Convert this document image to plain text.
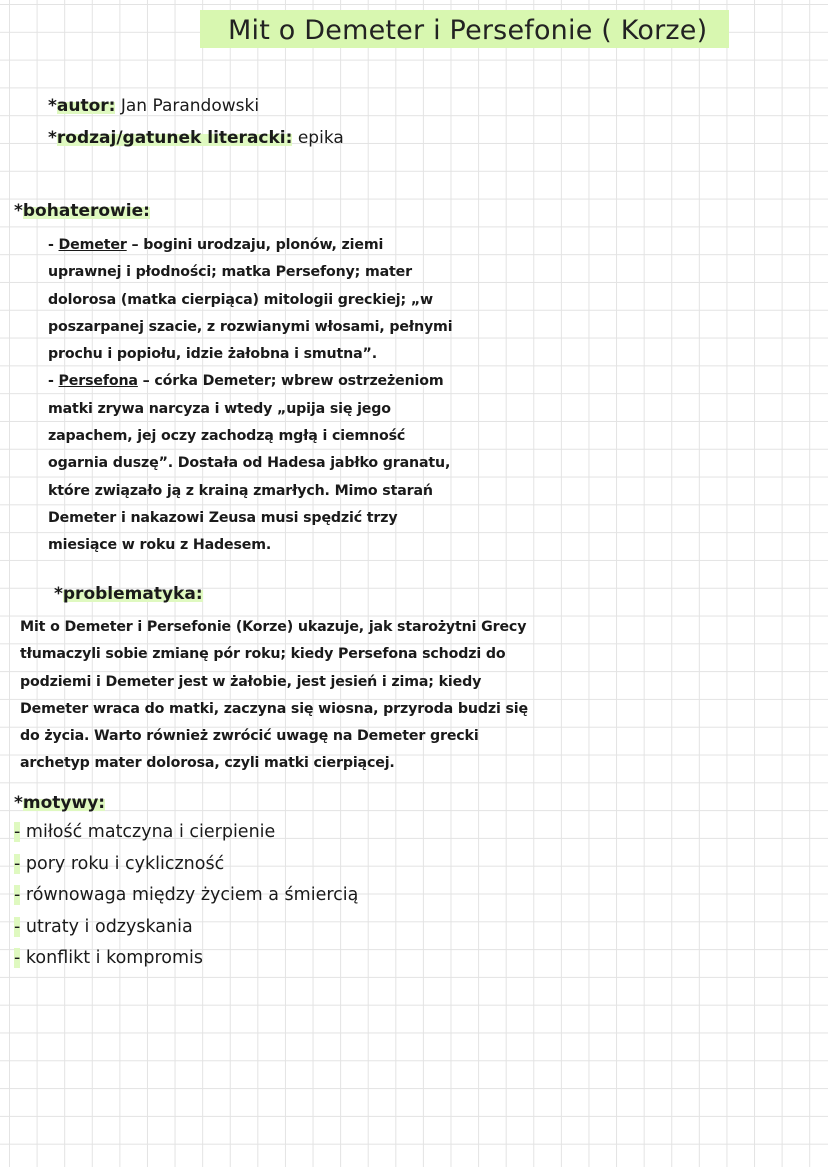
Mit o Demeter i Persefonie ( Korze)
*autor: Jan Parandowski
*rodzaj/gatunek literacki: epika
*bohaterowie:
- Demeter – bogini urodzaju, plonów, ziemi uprawnej i płodności; matka Persefony; mater dolorosa (matka cierpiąca) mitologii greckiej; „w poszarpanej szacie, z rozwianymi włosami, pełnymi prochu i popiołu, idzie żałobna i smutna”.
- Persefona – córka Demeter; wbrew ostrzeżeniom matki zrywa narcyza i wtedy „upija się jego zapachem, jej oczy zachodzą mgłą i ciemność ogarnia duszę”. Dostała od Hadesa jabłko granatu, które związało ją z krainą zmarłych. Mimo starań Demeter i nakazowi Zeusa musi spędzić trzy miesiące w roku z Hadesem.
*problematyka:

Mit o Demeter i Persefonie (Korze) ukazuje, jak starożytni Grecy tłumaczyli sobie zmianę pór roku; kiedy Persefona schodzi do podziemi i Demeter jest w żałobie, jest jesień i zima; kiedy Demeter wraca do matki, zaczyna się wiosna, przyroda budzi się do życia. Warto również zwrócić uwagę na Demeter grecki archetyp mater dolorosa, czyli matki cierpiącej.

*motywy:
- miłość matczyna i cierpienie
- pory roku i cykliczność
- równowaga między życiem a śmiercią
- utraty i odzyskania
- konflikt i kompromis
